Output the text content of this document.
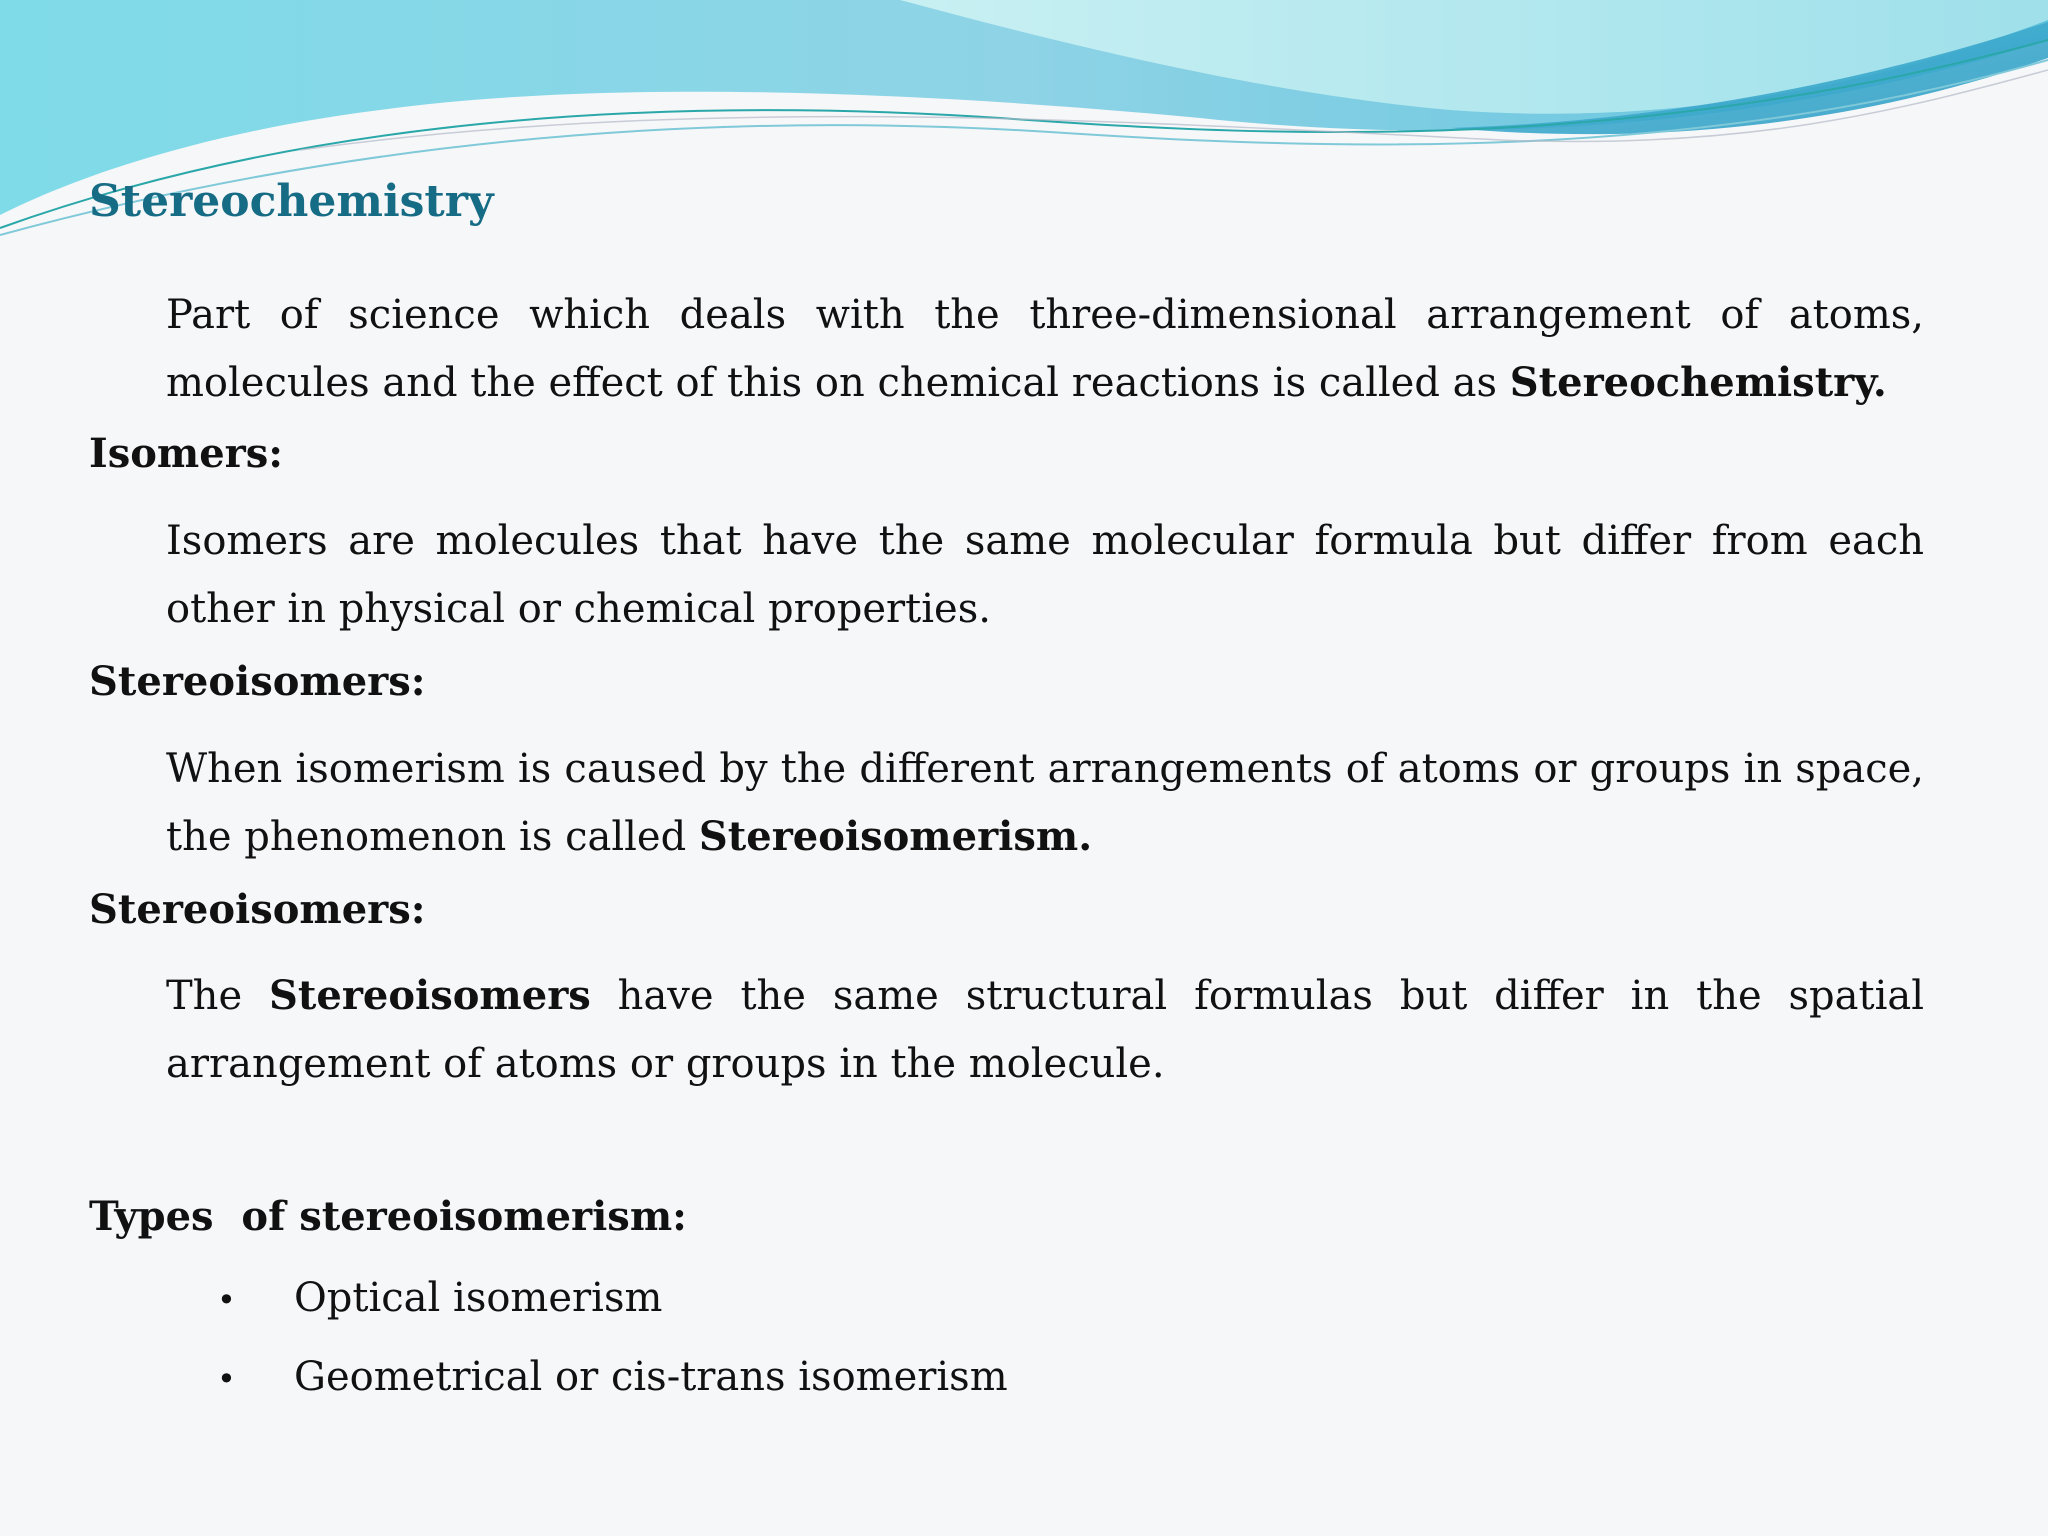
Stereochemistry
Part of science which deals with the three-dimensional arrangement of atoms, molecules and the effect of this on chemical reactions is called as Stereochemistry.
Isomers:
Isomers are molecules that have the same molecular formula but differ from each other in physical or chemical properties.
Stereoisomers:
When isomerism is caused by the different arrangements of atoms or groups in space, the phenomenon is called Stereoisomerism.
Stereoisomers:
The Stereoisomers have the same structural formulas but differ in the spatial arrangement of atoms or groups in the molecule.
Types  of stereoisomerism:
• Optical isomerism
• Geometrical or cis-trans isomerism
